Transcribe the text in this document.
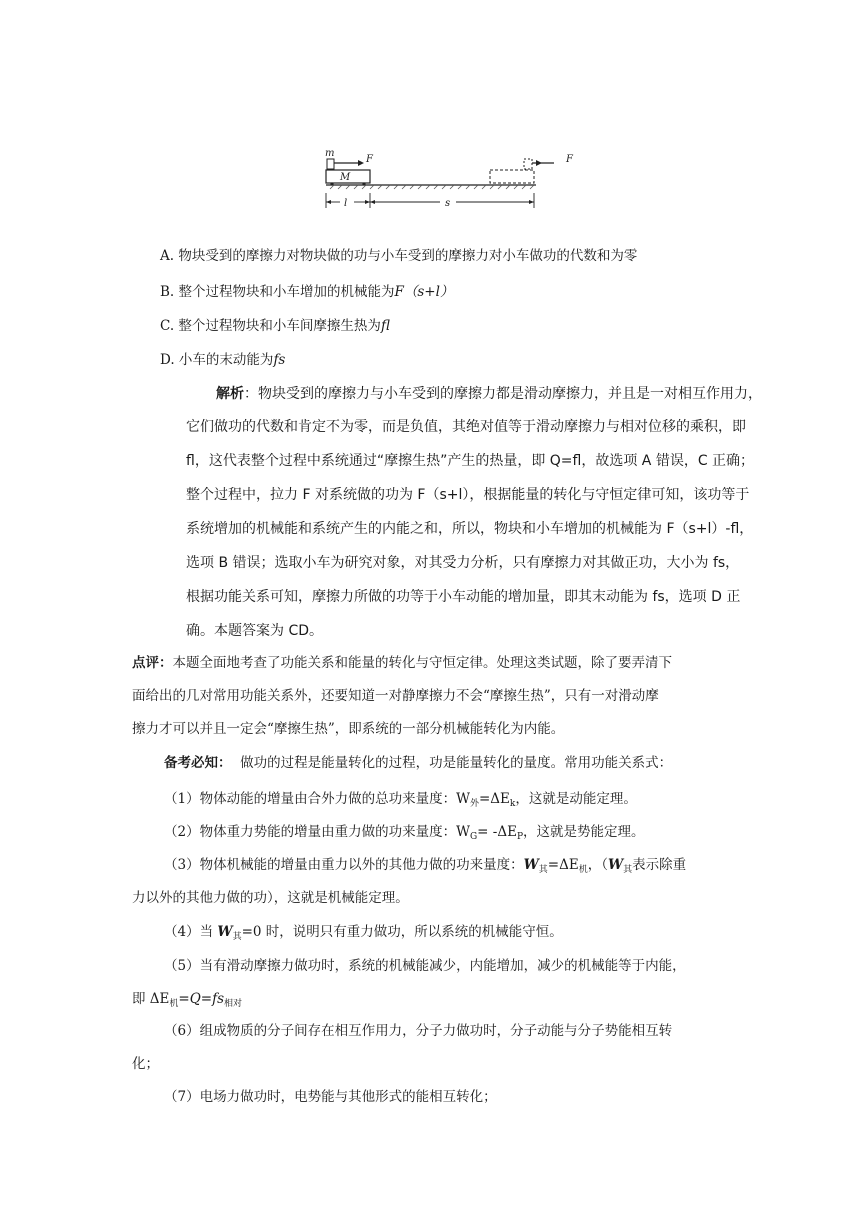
m
F
M
F
l	s
A. 物块受到的摩擦力对物块做的功与小车受到的摩擦力对小车做功的代数和为零
B. 整个过程物块和小车增加的机械能为F（s+l）
C. 整个过程物块和小车间摩擦生热为fl
D. 小车的末动能为fs
解析：物块受到的摩擦力与小车受到的摩擦力都是滑动摩擦力，并且是一对相互作用力，
它们做功的代数和肯定不为零，而是负值，其绝对值等于滑动摩擦力与相对位移的乘积，即
fl，这代表整个过程中系统通过“摩擦生热”产生的热量，即 Q=fl，故选项 A 错误，C 正确；
整个过程中，拉力 F 对系统做的功为 F（s+l），根据能量的转化与守恒定律可知，该功等于
系统增加的机械能和系统产生的内能之和，所以，物块和小车增加的机械能为 F（s+l）-fl，
选项 B 错误；选取小车为研究对象，对其受力分析，只有摩擦力对其做正功，大小为 fs，
根据功能关系可知，摩擦力所做的功等于小车动能的增加量，即其末动能为 fs，选项 D 正
确。本题答案为 CD。
点评：本题全面地考查了功能关系和能量的转化与守恒定律。处理这类试题，除了要弄清下
面给出的几对常用功能关系外，还要知道一对静摩擦力不会“摩擦生热”，只有一对滑动摩
擦力才可以并且一定会“摩擦生热”，即系统的一部分机械能转化为内能。
备考必知： 做功的过程是能量转化的过程，功是能量转化的量度。常用功能关系式：
（1）物体动能的增量由合外力做的总功来量度：$W_外=\Delta E_k$，这就是动能定理。
（2）物体重力势能的增量由重力做的功来量度：$W_G= -\Delta E_P$，这就是势能定理。
（3）物体机械能的增量由重力以外的其他力做的功来量度：$W_其=\Delta E_机$，（$W_其$表示除重
力以外的其他力做的功），这就是机械能定理。
（4）当 $W_其=0$ 时，说明只有重力做功，所以系统的机械能守恒。
（5）当有滑动摩擦力做功时，系统的机械能减少，内能增加，减少的机械能等于内能，
即 $\Delta E_机=Q=fs_{相对}$
（6）组成物质的分子间存在相互作用力，分子力做功时，分子动能与分子势能相互转
化；
（7）电场力做功时，电势能与其他形式的能相互转化；
